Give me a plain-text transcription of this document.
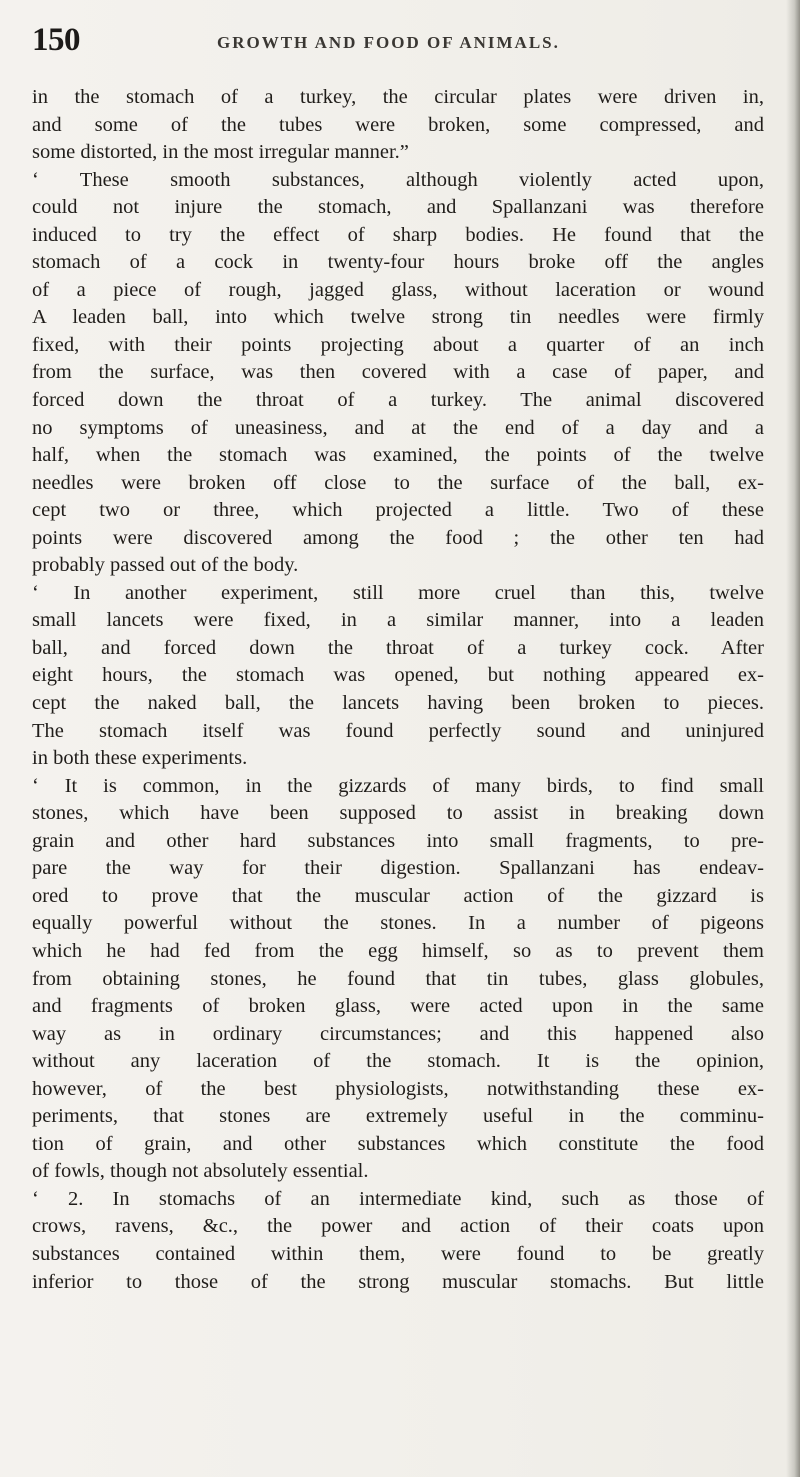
150	GROWTH AND FOOD OF ANIMALS.
in the stomach of a turkey, the circular plates were driven in,
and some of the tubes were broken, some compressed, and
some distorted, in the most irregular manner.”
‘ These smooth substances, although violently acted upon,
could not injure the stomach, and Spallanzani was therefore
induced to try the effect of sharp bodies. He found that the
stomach of a cock in twenty-four hours broke off the angles
of a piece of rough, jagged glass, without laceration or wound
A leaden ball, into which twelve strong tin needles were firmly
fixed, with their points projecting about a quarter of an inch
from the surface, was then covered with a case of paper, and
forced down the throat of a turkey. The animal discovered
no symptoms of uneasiness, and at the end of a day and a
half, when the stomach was examined, the points of the twelve
needles were broken off close to the surface of the ball, ex-
cept two or three, which projected a little. Two of these
points were discovered among the food ; the other ten had
probably passed out of the body.
‘ In another experiment, still more cruel than this, twelve
small lancets were fixed, in a similar manner, into a leaden
ball, and forced down the throat of a turkey cock. After
eight hours, the stomach was opened, but nothing appeared ex-
cept the naked ball, the lancets having been broken to pieces.
The stomach itself was found perfectly sound and uninjured
in both these experiments.
‘ It is common, in the gizzards of many birds, to find small
stones, which have been supposed to assist in breaking down
grain and other hard substances into small fragments, to pre-
pare the way for their digestion. Spallanzani has endeav-
ored to prove that the muscular action of the gizzard is
equally powerful without the stones. In a number of pigeons
which he had fed from the egg himself, so as to prevent them
from obtaining stones, he found that tin tubes, glass globules,
and fragments of broken glass, were acted upon in the same
way as in ordinary circumstances; and this happened also
without any laceration of the stomach. It is the opinion,
however, of the best physiologists, notwithstanding these ex-
periments, that stones are extremely useful in the comminu-
tion of grain, and other substances which constitute the food
of fowls, though not absolutely essential.
‘ 2. In stomachs of an intermediate kind, such as those of
crows, ravens, &c., the power and action of their coats upon
substances contained within them, were found to be greatly
inferior to those of the strong muscular stomachs. But little
